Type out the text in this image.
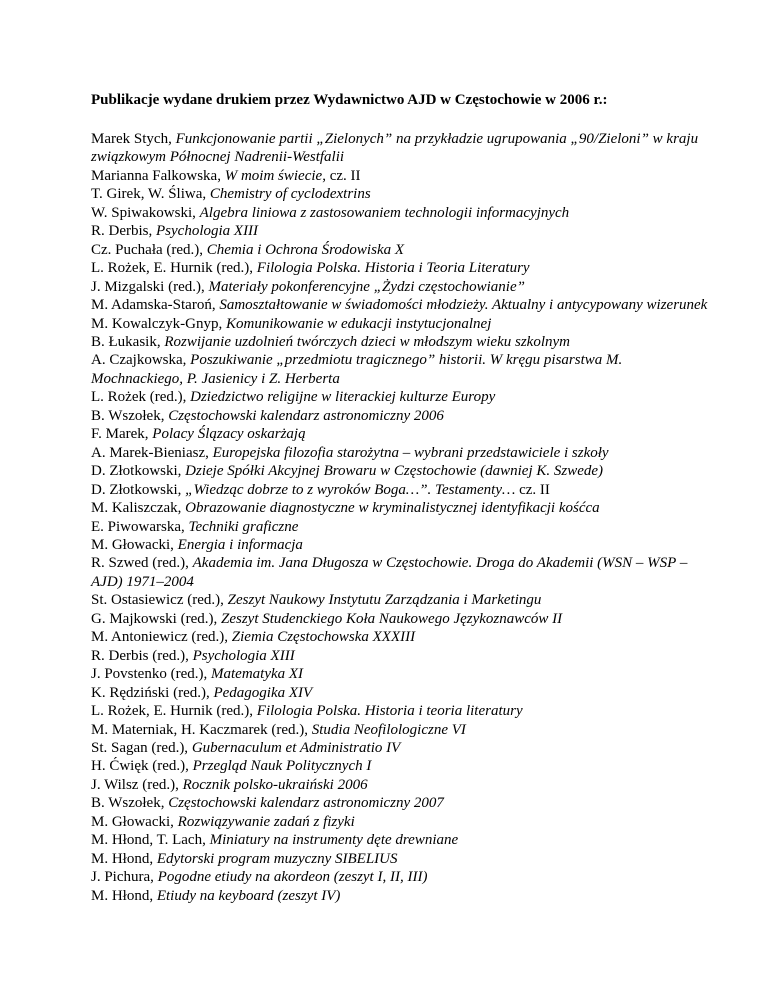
Publikacje wydane drukiem przez Wydawnictwo AJD w Częstochowie w 2006 r.:
Marek Stych, Funkcjonowanie partii „Zielonych” na przykładzie ugrupowania „90/Zieloni” w kraju związkowym Północnej Nadrenii-Westfalii
Marianna Falkowska, W moim świecie, cz. II
T. Girek, W. Śliwa, Chemistry of cyclodextrins
W. Spiwakowski, Algebra liniowa z zastosowaniem technologii informacyjnych
R. Derbis, Psychologia XIII
Cz. Puchała (red.), Chemia i Ochrona Środowiska X
L. Rożek, E. Hurnik (red.), Filologia Polska. Historia i Teoria Literatury
J. Mizgalski (red.), Materiały pokonferencyjne „Żydzi częstochowianie”
M. Adamska-Staroń, Samoształtowanie w świadomości młodzieży. Aktualny i antycypowany wizerunek
M. Kowalczyk-Gnyp, Komunikowanie w edukacji instytucjonalnej
B. Łukasik, Rozwijanie uzdolnień twórczych dzieci w młodszym wieku szkolnym
A. Czajkowska, Poszukiwanie „przedmiotu tragicznego” historii. W kręgu pisarstwa M. Mochnackiego, P. Jasienicy i Z. Herberta
L. Rożek (red.), Dziedzictwo religijne w literackiej kulturze Europy
B. Wszołek, Częstochowski kalendarz astronomiczny 2006
F. Marek, Polacy Ślązacy oskarżają
A. Marek-Bieniasz, Europejska filozofia starożytna – wybrani przedstawiciele i szkoły
D. Złotkowski, Dzieje Spółki Akcyjnej Browaru w Częstochowie (dawniej K. Szwede)
D. Złotkowski, „Wiedząc dobrze to z wyroków Boga…”. Testamenty… cz. II
M. Kaliszczak, Obrazowanie diagnostyczne w kryminalistycznej identyfikacji kośćca
E. Piwowarska, Techniki graficzne
M. Głowacki, Energia i informacja
R. Szwed (red.), Akademia im. Jana Długosza w Częstochowie. Droga do Akademii (WSN – WSP – AJD) 1971–2004
St. Ostasiewicz (red.), Zeszyt Naukowy Instytutu Zarządzania i Marketingu
G. Majkowski (red.), Zeszyt Studenckiego Koła Naukowego Językoznawców II
M. Antoniewicz (red.), Ziemia Częstochowska XXXIII
R. Derbis (red.), Psychologia XIII
J. Povstenko (red.), Matematyka XI
K. Rędziński (red.), Pedagogika XIV
L. Rożek, E. Hurnik (red.), Filologia Polska. Historia i teoria literatury
M. Materniak, H. Kaczmarek (red.), Studia Neofilologiczne VI
St. Sagan (red.), Gubernaculum et Administratio IV
H. Ćwięk (red.), Przegląd Nauk Politycznych I
J. Wilsz (red.), Rocznik polsko-ukraiński 2006
B. Wszołek, Częstochowski kalendarz astronomiczny 2007
M. Głowacki, Rozwiązywanie zadań z fizyki
M. Hłond, T. Lach, Miniatury na instrumenty dęte drewniane
M. Hłond, Edytorski program muzyczny SIBELIUS
J. Pichura, Pogodne etiudy na akordeon (zeszyt I, II, III)
M. Hłond, Etiudy na keyboard (zeszyt IV)
